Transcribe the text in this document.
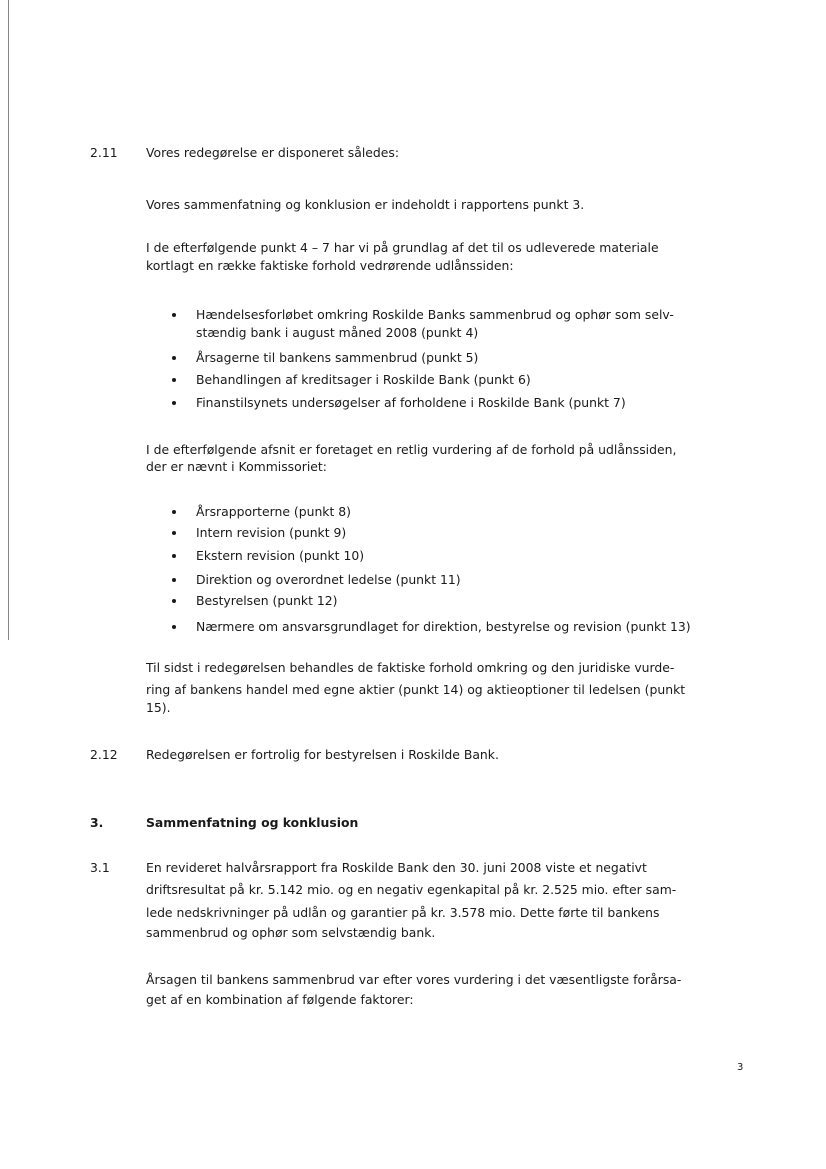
2.11 Vores redegørelse er disponeret således:
Vores sammenfatning og konklusion er indeholdt i rapportens punkt 3.
I de efterfølgende punkt 4 – 7 har vi på grundlag af det til os udleverede materiale
kortlagt en række faktiske forhold vedrørende udlånssiden:
Hændelsesforløbet omkring Roskilde Banks sammenbrud og ophør som selv-
stændig bank i august måned 2008 (punkt 4)
Årsagerne til bankens sammenbrud (punkt 5)
Behandlingen af kreditsager i Roskilde Bank (punkt 6)
Finanstilsynets undersøgelser af forholdene i Roskilde Bank (punkt 7)
I de efterfølgende afsnit er foretaget en retlig vurdering af de forhold på udlånssiden,
der er nævnt i Kommissoriet:
Årsrapporterne (punkt 8)
Intern revision (punkt 9)
Ekstern revision (punkt 10)
Direktion og overordnet ledelse (punkt 11)
Bestyrelsen (punkt 12)
Nærmere om ansvarsgrundlaget for direktion, bestyrelse og revision (punkt 13)
Til sidst i redegørelsen behandles de faktiske forhold omkring og den juridiske vurde-
ring af bankens handel med egne aktier (punkt 14) og aktieoptioner til ledelsen (punkt
15).
2.12 Redegørelsen er fortrolig for bestyrelsen i Roskilde Bank.
3.	Sammenfatning og konklusion
3.1	En revideret halvårsrapport fra Roskilde Bank den 30. juni 2008 viste et negativt
driftsresultat på kr. 5.142 mio. og en negativ egenkapital på kr. 2.525 mio. efter sam-
lede nedskrivninger på udlån og garantier på kr. 3.578 mio. Dette førte til bankens
sammenbrud og ophør som selvstændig bank.
Årsagen til bankens sammenbrud var efter vores vurdering i det væsentligste forårsa-
get af en kombination af følgende faktorer:
3
